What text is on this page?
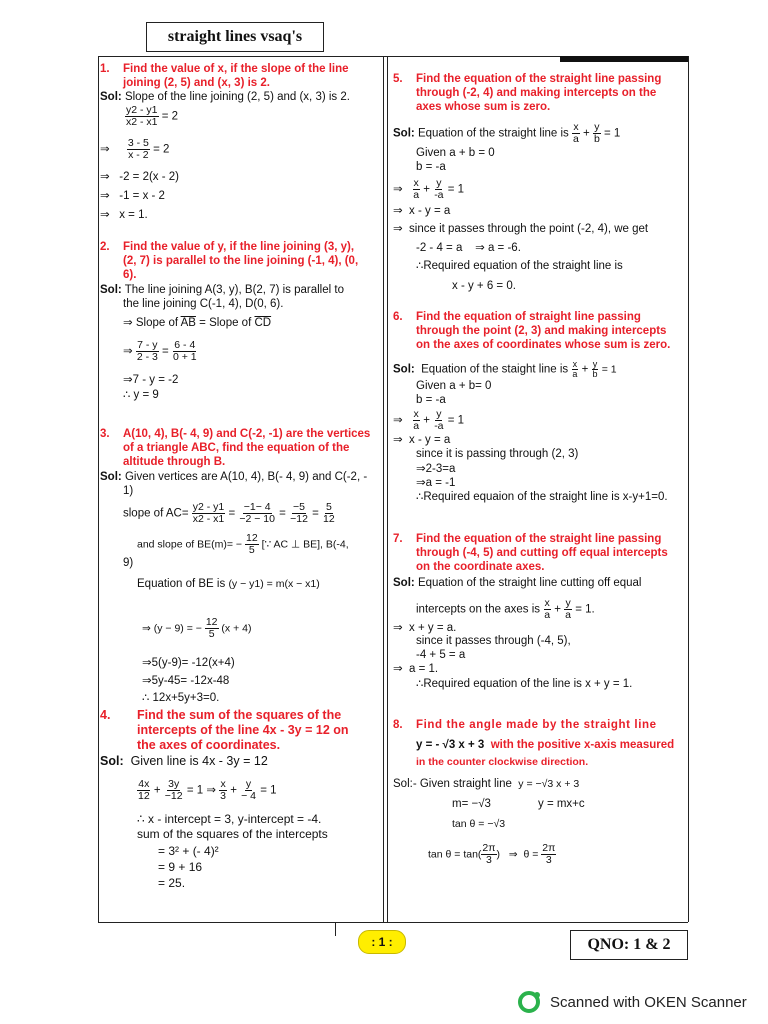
straight lines vsaq's
1. Find the value of x, if the slope of the line
joining (2, 5) and (x, 3) is 2.
Sol: Slope of the line joining (2, 5) and (x, 3) is 2.
$\frac{y2 - y1}{x2 - x1} = 2$
⇒ $\frac{3 - 5}{x - 2} = 2$
⇒ -2 = 2(x - 2)
⇒ -1 = x - 2
⇒ x = 1.
2. Find the value of y, if the line joining (3, y),
(2, 7) is parallel to the line joining (-1, 4), (0,
6).
Sol: The line joining A(3, y), B(2, 7) is parallel to
the line joining C(-1, 4), D(0, 6).
⇒ Slope of $\overline{AB}$ = Slope of $\overline{CD}$
⇒ $\frac{7 - y}{2 - 3} = \frac{6 - 4}{0 + 1}$
⇒7 - y = -2
∴ y = 9
3. A(10, 4), B(- 4, 9) and C(-2, -1) are the vertices
of a triangle ABC, find the equation of the
altitude through B.
Sol: Given vertices are A(10, 4), B(- 4, 9) and C(-2, -
1)
slope of $AC= \frac{y2 - y1}{x2 - x1} = \frac{-1- 4}{-2 - 10} = \frac{-5}{-12} = \frac{5}{12}$
and slope of $BE(m)= - \frac{12}{5}$ [∵ AC ⊥ BE], B(-4,
9)
Equation of BE is (y − y1) = m(x − x1)
⇒ (y − 9) = − $\frac{12}{5} (x + 4)$
⇒5(y-9)= -12(x+4)
⇒5y-45= -12x-48
∴ 12x+5y+3=0.
4. Find the sum of the squares of the
intercepts of the line 4x - 3y = 12 on
the axes of coordinates.
Sol: Given line is 4x - 3y = 12
$\frac{4x}{12} + \frac{3y}{-12} = 1$ ⇒ $\frac{x}{3} + \frac{y}{- 4} = 1$
∴ x - intercept = 3, y-intercept = -4.
sum of the squares of the intercepts
= 3² + (- 4)²
= 9 + 16
= 25.
5. Find the equation of the straight line passing
through (-2, 4) and making intercepts on the
axes whose sum is zero.
Sol: Equation of the straight line is $\frac{x}{a} + \frac{y}{b} = 1$
Given a + b = 0
b = -a
⇒ $\frac{x}{a} + \frac{y}{-a} = 1$
⇒ x - y = a
⇒ since it passes through the point (-2, 4), we get
-2 - 4 = a ⇒ a = -6.
∴Required equation of the straight line is
x - y + 6 = 0.
6. Find the equation of straight line passing
through the point (2, 3) and making intercepts
on the axes of coordinates whose sum is zero.
Sol: Equation of the staight line is $\frac{x}{a} + \frac{y}{b} = 1$
Given a + b= 0
b = -a
⇒ $\frac{x}{a} + \frac{y}{-a} = 1$
⇒ x - y = a
since it is passing through (2, 3)
⇒2-3=a
⇒a = -1
∴Required equaion of the straight line is x-y+1=0.
7. Find the equation of the straight line passing
through (-4, 5) and cutting off equal intercepts
on the coordinate axes.
Sol: Equation of the straight line cutting off equal
intercepts on the axes is $\frac{x}{a} + \frac{y}{a} = 1$.
⇒ x + y = a.
since it passes through (-4, 5),
-4 + 5 = a
⇒ a = 1.
∴Required equation of the line is x + y = 1.
8. Find the angle made by the straight line
y = - √3 x + 3 with the positive x-axis measured
in the counter clockwise direction.
Sol:- Given straight line y = −√3 x + 3
m= −√3	y = mx+c
tan θ = −√3
$\tan \theta = \tan( \frac{2\pi}{3}$ ) ⇒ $\theta = \frac{2\pi}{3}$
: 1 :	QNO: 1 & 2
Scanned with OKEN Scanner
